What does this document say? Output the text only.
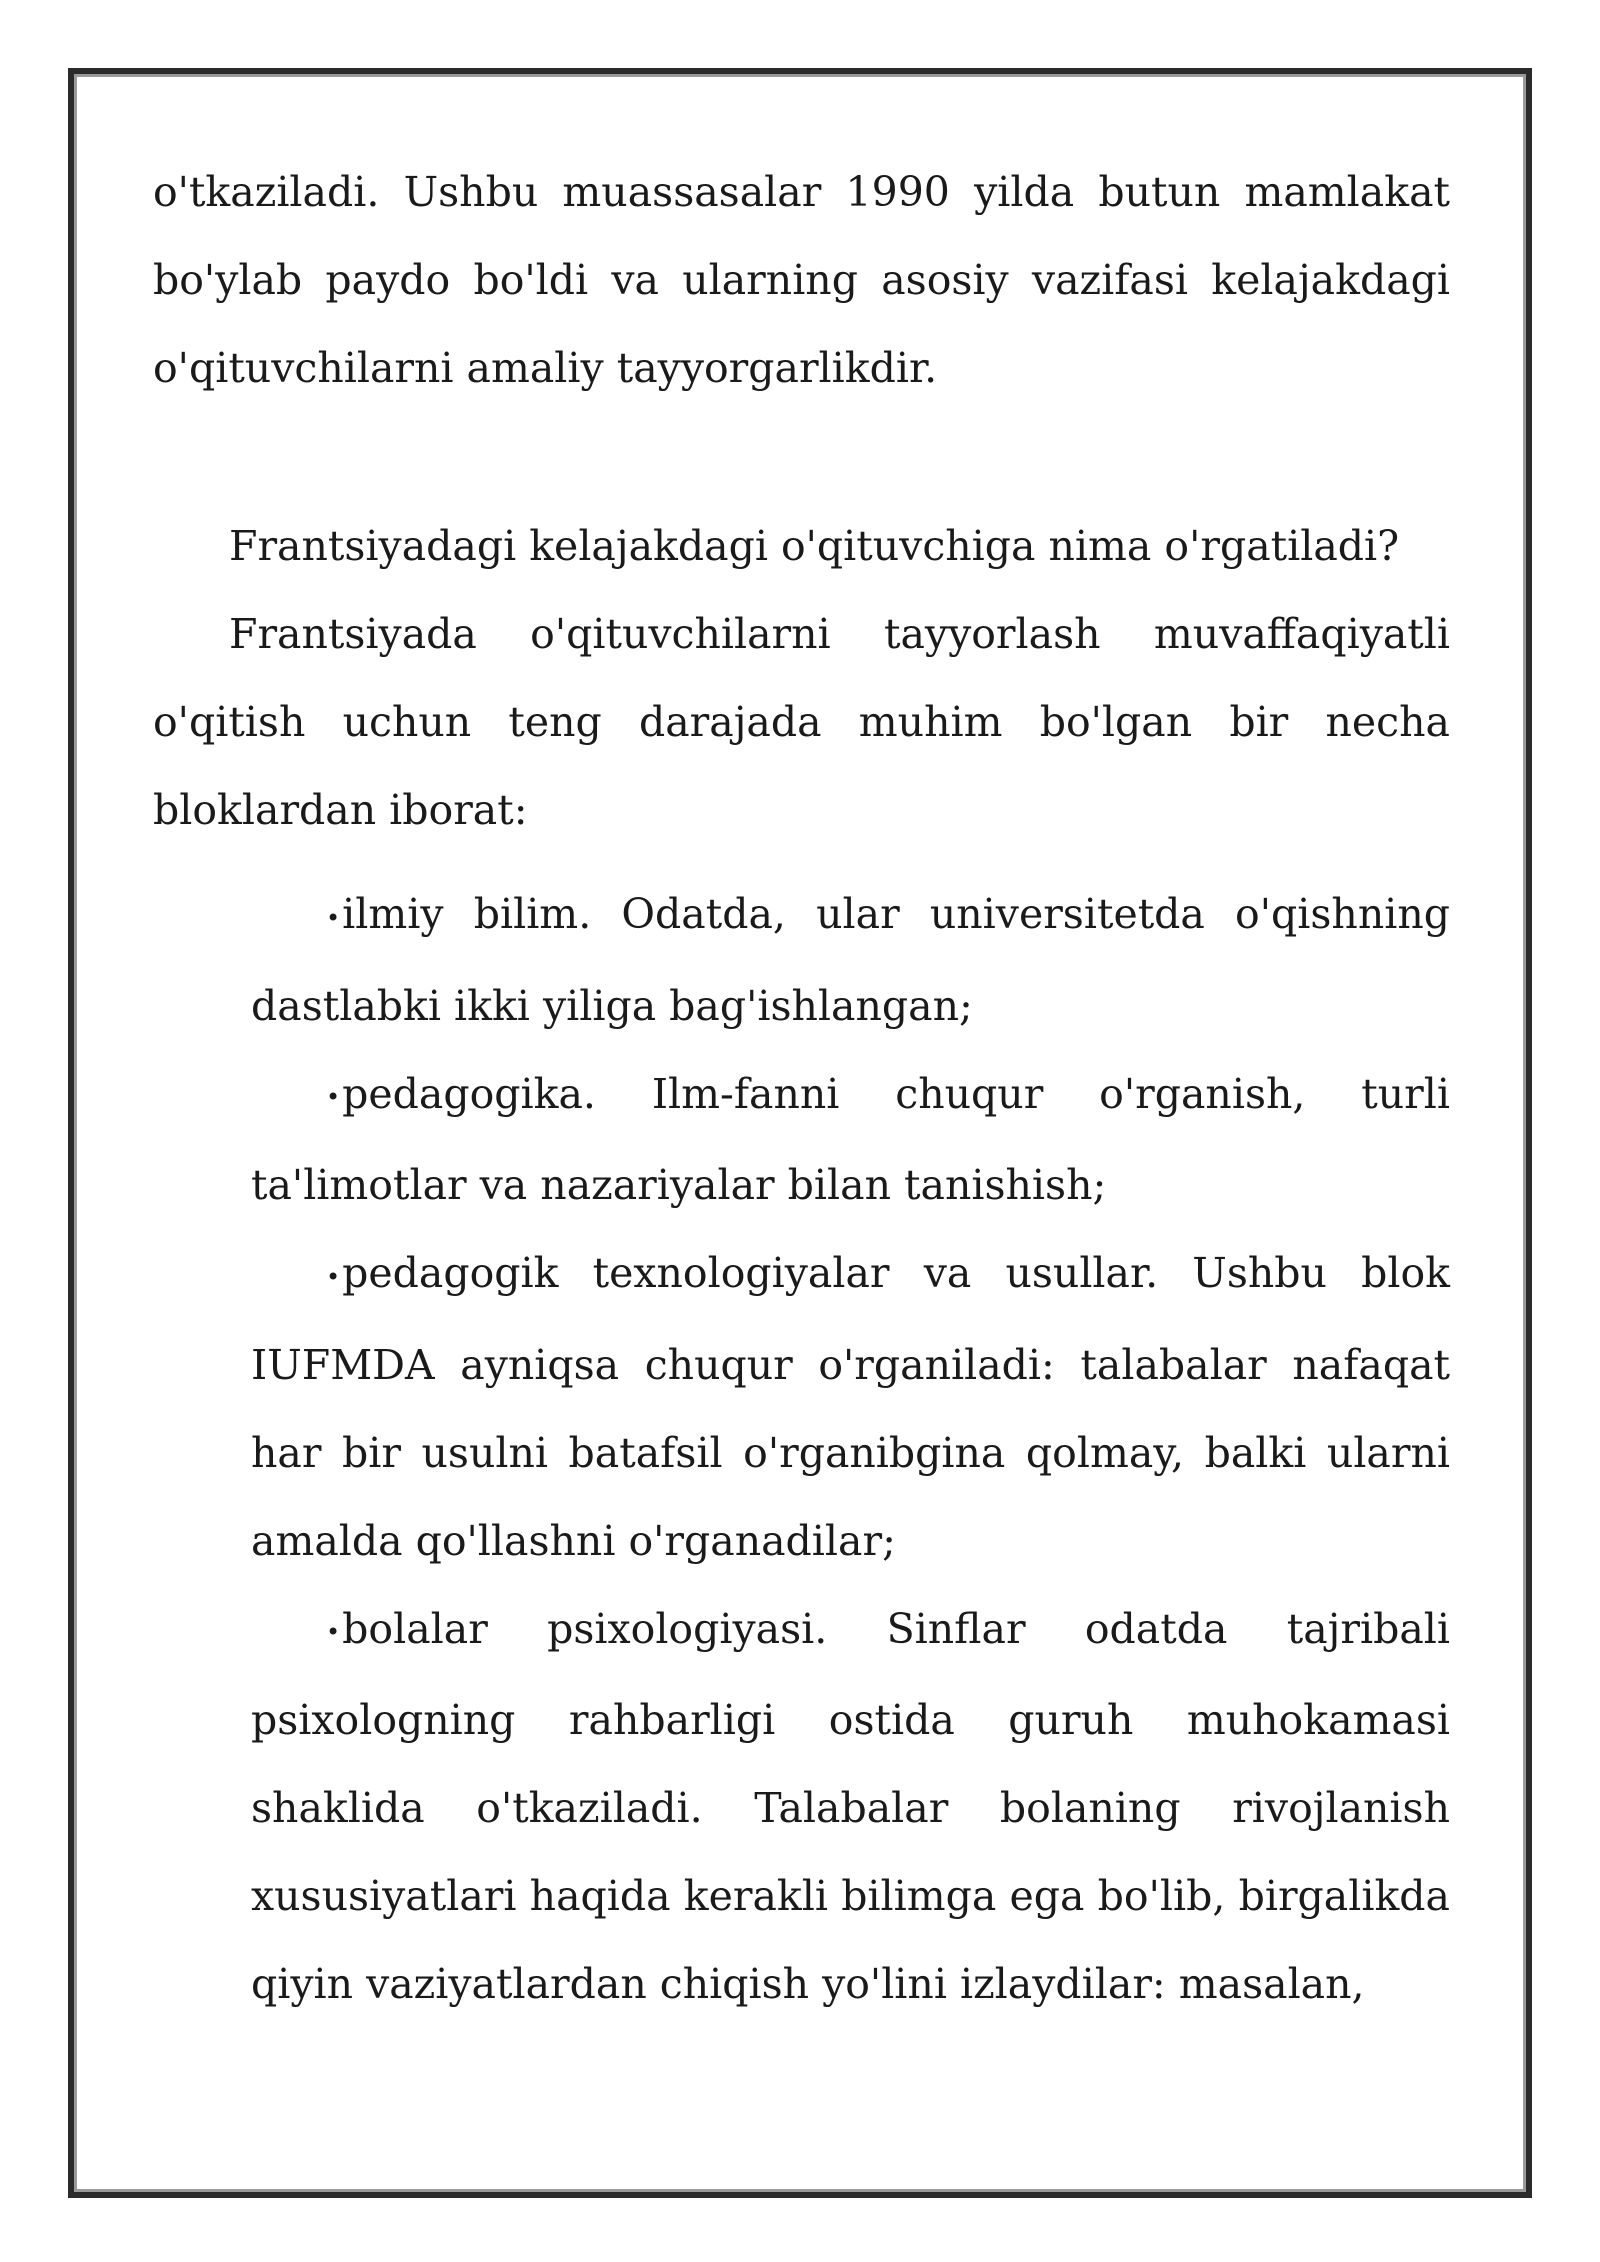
o'tkaziladi. Ushbu muassasalar 1990 yilda butun mamlakat bo'ylab paydo bo'ldi va ularning asosiy vazifasi kelajakdagi o'qituvchilarni amaliy tayyorgarlikdir.

Frantsiyadagi kelajakdagi o'qituvchiga nima o'rgatiladi?

Frantsiyada o'qituvchilarni tayyorlash muvaffaqiyatli o'qitish uchun teng darajada muhim bo'lgan bir necha bloklardan iborat:

•ilmiy bilim. Odatda, ular universitetda o'qishning dastlabki ikki yiliga bag'ishlangan;
•pedagogika. Ilm-fanni chuqur o'rganish, turli ta'limotlar va nazariyalar bilan tanishish;
•pedagogik texnologiyalar va usullar. Ushbu blok IUFMDA ayniqsa chuqur o'rganiladi: talabalar nafaqat har bir usulni batafsil o'rganibgina qolmay, balki ularni amalda qo'llashni o'rganadilar;
•bolalar psixologiyasi. Sinflar odatda tajribali psixologning rahbarligi ostida guruh muhokamasi shaklida o'tkaziladi. Talabalar bolaning rivojlanish xususiyatlari haqida kerakli bilimga ega bo'lib, birgalikda qiyin vaziyatlardan chiqish yo'lini izlaydilar: masalan,
